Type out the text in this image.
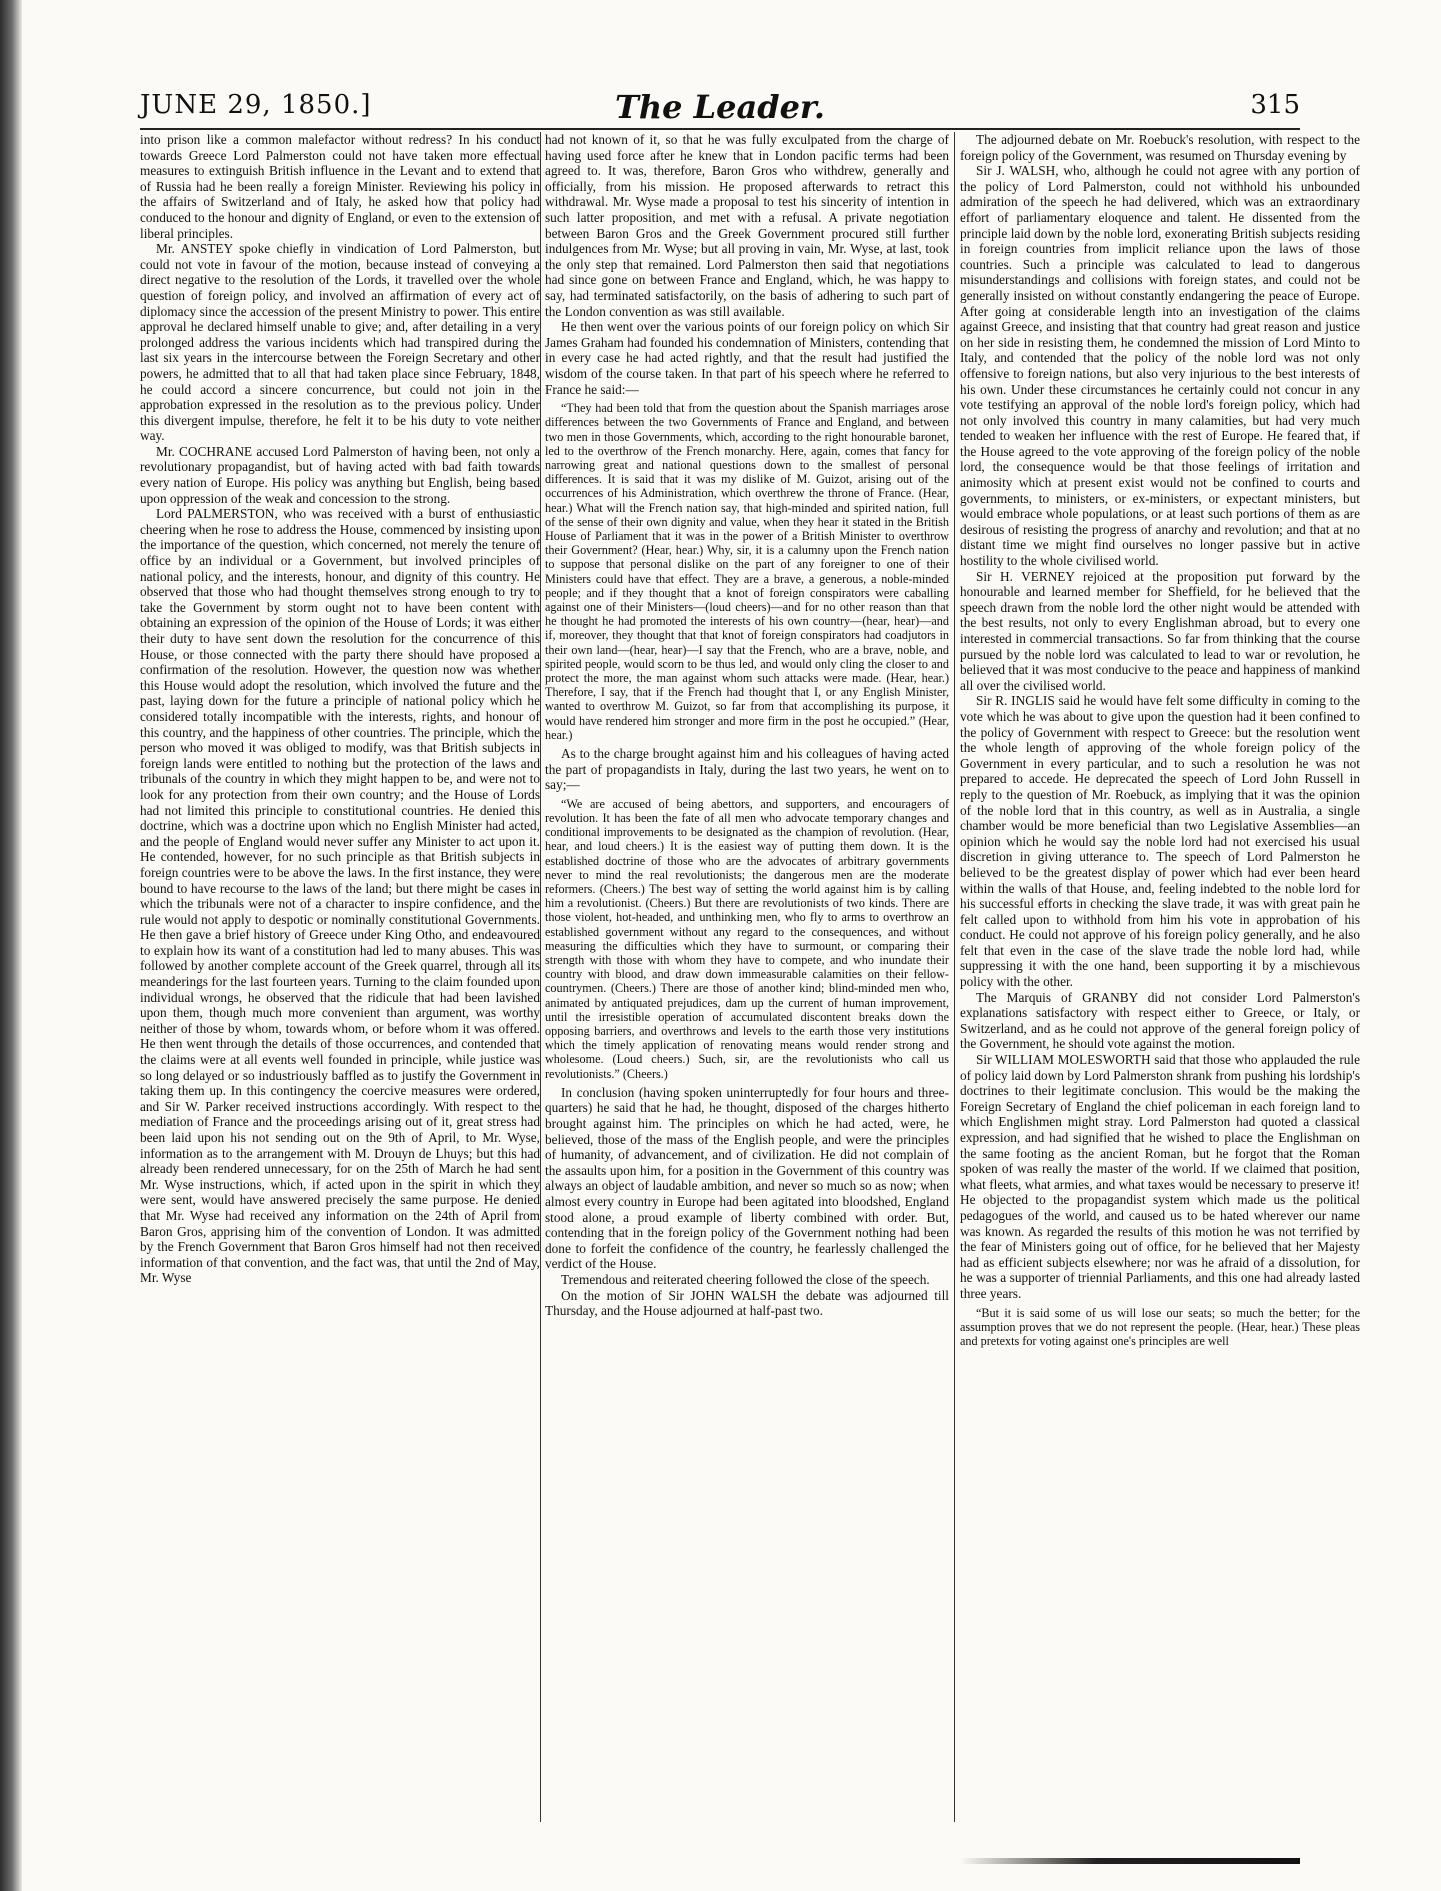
JUNE 29, 1850.]	The Leader.	315

into prison like a common malefactor without redress? In his conduct towards Greece Lord Palmerston could not have taken more effectual measures to extinguish British influence in the Levant and to extend that of Russia had he been really a foreign Minister. Reviewing his policy in the affairs of Switzerland and of Italy, he asked how that policy had conduced to the honour and dignity of England, or even to the extension of liberal principles.

Mr. ANSTEY spoke chiefly in vindication of Lord Palmerston, but could not vote in favour of the motion, because instead of conveying a direct negative to the resolution of the Lords, it travelled over the whole question of foreign policy, and involved an affirmation of every act of diplomacy since the accession of the present Ministry to power. This entire approval he declared himself unable to give; and, after detailing in a very prolonged address the various incidents which had transpired during the last six years in the intercourse between the Foreign Secretary and other powers, he admitted that to all that had taken place since February, 1848, he could accord a sincere concurrence, but could not join in the approbation expressed in the resolution as to the previous policy. Under this divergent impulse, therefore, he felt it to be his duty to vote neither way.

Mr. COCHRANE accused Lord Palmerston of having been, not only a revolutionary propagandist, but of having acted with bad faith towards every nation of Europe. His policy was anything but English, being based upon oppression of the weak and concession to the strong.

Lord PALMERSTON, who was received with a burst of enthusiastic cheering when he rose to address the House, commenced by insisting upon the importance of the question, which concerned, not merely the tenure of office by an individual or a Government, but involved principles of national policy, and the interests, honour, and dignity of this country. He observed that those who had thought themselves strong enough to try to take the Government by storm ought not to have been content with obtaining an expression of the opinion of the House of Lords; it was either their duty to have sent down the resolution for the concurrence of this House, or those connected with the party there should have proposed a confirmation of the resolution. However, the question now was whether this House would adopt the resolution, which involved the future and the past, laying down for the future a principle of national policy which he considered totally incompatible with the interests, rights, and honour of this country, and the happiness of other countries. The principle, which the person who moved it was obliged to modify, was that British subjects in foreign lands were entitled to nothing but the protection of the laws and tribunals of the country in which they might happen to be, and were not to look for any protection from their own country; and the House of Lords had not limited this principle to constitutional countries. He denied this doctrine, which was a doctrine upon which no English Minister had acted, and the people of England would never suffer any Minister to act upon it. He contended, however, for no such principle as that British subjects in foreign countries were to be above the laws. In the first instance, they were bound to have recourse to the laws of the land; but there might be cases in which the tribunals were not of a character to inspire confidence, and the rule would not apply to despotic or nominally constitutional Governments. He then gave a brief history of Greece under King Otho, and endeavoured to explain how its want of a constitution had led to many abuses. This was followed by another complete account of the Greek quarrel, through all its meanderings for the last fourteen years. Turning to the claim founded upon individual wrongs, he observed that the ridicule that had been lavished upon them, though much more convenient than argument, was worthy neither of those by whom, towards whom, or before whom it was offered. He then went through the details of those occurrences, and contended that the claims were at all events well founded in principle, while justice was so long delayed or so industriously baffled as to justify the Government in taking them up. In this contingency the coercive measures were ordered, and Sir W. Parker received instructions accordingly. With respect to the mediation of France and the proceedings arising out of it, great stress had been laid upon his not sending out on the 9th of April, to Mr. Wyse, information as to the arrangement with M. Drouyn de Lhuys; but this had already been rendered unnecessary, for on the 25th of March he had sent Mr. Wyse instructions, which, if acted upon in the spirit in which they were sent, would have answered precisely the same purpose. He denied that Mr. Wyse had received any information on the 24th of April from Baron Gros, apprising him of the convention of London. It was admitted by the French Government that Baron Gros himself had not then received information of that convention, and the fact was, that until the 2nd of May, Mr. Wyse

had not known of it, so that he was fully exculpated from the charge of having used force after he knew that in London pacific terms had been agreed to. It was, therefore, Baron Gros who withdrew, generally and officially, from his mission. He proposed afterwards to retract this withdrawal. Mr. Wyse made a proposal to test his sincerity of intention in such latter proposition, and met with a refusal. A private negotiation between Baron Gros and the Greek Government procured still further indulgences from Mr. Wyse; but all proving in vain, Mr. Wyse, at last, took the only step that remained. Lord Palmerston then said that negotiations had since gone on between France and England, which, he was happy to say, had terminated satisfactorily, on the basis of adhering to such part of the London convention as was still available.

He then went over the various points of our foreign policy on which Sir James Graham had founded his condemnation of Ministers, contending that in every case he had acted rightly, and that the result had justified the wisdom of the course taken. In that part of his speech where he referred to France he said:—

“They had been told that from the question about the Spanish marriages arose differences between the two Governments of France and England, and between two men in those Governments, which, according to the right honourable baronet, led to the overthrow of the French monarchy. Here, again, comes that fancy for narrowing great and national questions down to the smallest of personal differences. It is said that it was my dislike of M. Guizot, arising out of the occurrences of his Administration, which overthrew the throne of France. (Hear, hear.) What will the French nation say, that high-minded and spirited nation, full of the sense of their own dignity and value, when they hear it stated in the British House of Parliament that it was in the power of a British Minister to overthrow their Government? (Hear, hear.) Why, sir, it is a calumny upon the French nation to suppose that personal dislike on the part of any foreigner to one of their Ministers could have that effect. They are a brave, a generous, a noble-minded people; and if they thought that a knot of foreign conspirators were caballing against one of their Ministers—(loud cheers)—and for no other reason than that he thought he had promoted the interests of his own country—(hear, hear)—and if, moreover, they thought that that knot of foreign conspirators had coadjutors in their own land—(hear, hear)—I say that the French, who are a brave, noble, and spirited people, would scorn to be thus led, and would only cling the closer to and protect the more, the man against whom such attacks were made. (Hear, hear.) Therefore, I say, that if the French had thought that I, or any English Minister, wanted to overthrow M. Guizot, so far from that accomplishing its purpose, it would have rendered him stronger and more firm in the post he occupied.” (Hear, hear.)

As to the charge brought against him and his colleagues of having acted the part of propagandists in Italy, during the last two years, he went on to say;—

“We are accused of being abettors, and supporters, and encouragers of revolution. It has been the fate of all men who advocate temporary changes and conditional improvements to be designated as the champion of revolution. (Hear, hear, and loud cheers.) It is the easiest way of putting them down. It is the established doctrine of those who are the advocates of arbitrary governments never to mind the real revolutionists; the dangerous men are the moderate reformers. (Cheers.) The best way of setting the world against him is by calling him a revolutionist. (Cheers.) But there are revolutionists of two kinds. There are those violent, hot-headed, and unthinking men, who fly to arms to overthrow an established government without any regard to the consequences, and without measuring the difficulties which they have to surmount, or comparing their strength with those with whom they have to compete, and who inundate their country with blood, and draw down immeasurable calamities on their fellow-countrymen. (Cheers.) There are those of another kind; blind-minded men who, animated by antiquated prejudices, dam up the current of human improvement, until the irresistible operation of accumulated discontent breaks down the opposing barriers, and overthrows and levels to the earth those very institutions which the timely application of renovating means would render strong and wholesome. (Loud cheers.) Such, sir, are the revolutionists who call us revolutionists.” (Cheers.)

In conclusion (having spoken uninterruptedly for four hours and three-quarters) he said that he had, he thought, disposed of the charges hitherto brought against him. The principles on which he had acted, were, he believed, those of the mass of the English people, and were the principles of humanity, of advancement, and of civilization. He did not complain of the assaults upon him, for a position in the Government of this country was always an object of laudable ambition, and never so much so as now; when almost every country in Europe had been agitated into bloodshed, England stood alone, a proud example of liberty combined with order. But, contending that in the foreign policy of the Government nothing had been done to forfeit the confidence of the country, he fearlessly challenged the verdict of the House.

Tremendous and reiterated cheering followed the close of the speech.

On the motion of Sir JOHN WALSH the debate was adjourned till Thursday, and the House adjourned at half-past two.

The adjourned debate on Mr. Roebuck's resolution, with respect to the foreign policy of the Government, was resumed on Thursday evening by

Sir J. WALSH, who, although he could not agree with any portion of the policy of Lord Palmerston, could not withhold his unbounded admiration of the speech he had delivered, which was an extraordinary effort of parliamentary eloquence and talent. He dissented from the principle laid down by the noble lord, exonerating British subjects residing in foreign countries from implicit reliance upon the laws of those countries. Such a principle was calculated to lead to dangerous misunderstandings and collisions with foreign states, and could not be generally insisted on without constantly endangering the peace of Europe. After going at considerable length into an investigation of the claims against Greece, and insisting that that country had great reason and justice on her side in resisting them, he condemned the mission of Lord Minto to Italy, and contended that the policy of the noble lord was not only offensive to foreign nations, but also very injurious to the best interests of his own. Under these circumstances he certainly could not concur in any vote testifying an approval of the noble lord's foreign policy, which had not only involved this country in many calamities, but had very much tended to weaken her influence with the rest of Europe. He feared that, if the House agreed to the vote approving of the foreign policy of the noble lord, the consequence would be that those feelings of irritation and animosity which at present exist would not be confined to courts and governments, to ministers, or ex-ministers, or expectant ministers, but would embrace whole populations, or at least such portions of them as are desirous of resisting the progress of anarchy and revolution; and that at no distant time we might find ourselves no longer passive but in active hostility to the whole civilised world.

Sir H. VERNEY rejoiced at the proposition put forward by the honourable and learned member for Sheffield, for he believed that the speech drawn from the noble lord the other night would be attended with the best results, not only to every Englishman abroad, but to every one interested in commercial transactions. So far from thinking that the course pursued by the noble lord was calculated to lead to war or revolution, he believed that it was most conducive to the peace and happiness of mankind all over the civilised world.

Sir R. INGLIS said he would have felt some difficulty in coming to the vote which he was about to give upon the question had it been confined to the policy of Government with respect to Greece: but the resolution went the whole length of approving of the whole foreign policy of the Government in every particular, and to such a resolution he was not prepared to accede. He deprecated the speech of Lord John Russell in reply to the question of Mr. Roebuck, as implying that it was the opinion of the noble lord that in this country, as well as in Australia, a single chamber would be more beneficial than two Legislative Assemblies—an opinion which he would say the noble lord had not exercised his usual discretion in giving utterance to. The speech of Lord Palmerston he believed to be the greatest display of power which had ever been heard within the walls of that House, and, feeling indebted to the noble lord for his successful efforts in checking the slave trade, it was with great pain he felt called upon to withhold from him his vote in approbation of his conduct. He could not approve of his foreign policy generally, and he also felt that even in the case of the slave trade the noble lord had, while suppressing it with the one hand, been supporting it by a mischievous policy with the other.

The Marquis of GRANBY did not consider Lord Palmerston's explanations satisfactory with respect either to Greece, or Italy, or Switzerland, and as he could not approve of the general foreign policy of the Government, he should vote against the motion.

Sir WILLIAM MOLESWORTH said that those who applauded the rule of policy laid down by Lord Palmerston shrank from pushing his lordship's doctrines to their legitimate conclusion. This would be the making the Foreign Secretary of England the chief policeman in each foreign land to which Englishmen might stray. Lord Palmerston had quoted a classical expression, and had signified that he wished to place the Englishman on the same footing as the ancient Roman, but he forgot that the Roman spoken of was really the master of the world. If we claimed that position, what fleets, what armies, and what taxes would be necessary to preserve it! He objected to the propagandist system which made us the political pedagogues of the world, and caused us to be hated wherever our name was known. As regarded the results of this motion he was not terrified by the fear of Ministers going out of office, for he believed that her Majesty had as efficient subjects elsewhere; nor was he afraid of a dissolution, for he was a supporter of triennial Parliaments, and this one had already lasted three years.

“But it is said some of us will lose our seats; so much the better; for the assumption proves that we do not represent the people. (Hear, hear.) These pleas and pretexts for voting against one's principles are well
